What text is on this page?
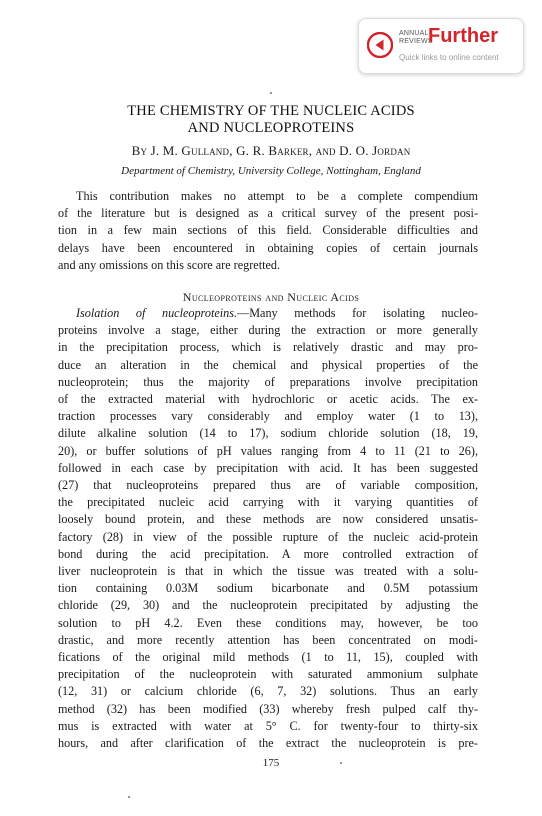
ANNUAL
REVIEWS
Further
Quick links to online content
THE CHEMISTRY OF THE NUCLEIC ACIDS
AND NUCLEOPROTEINS
By J. M. Gulland, G. R. Barker, and D. O. Jordan
Department of Chemistry, University College, Nottingham, England
This contribution makes no attempt to be a complete compendium
of the literature but is designed as a critical survey of the present posi-
tion in a few main sections of this field. Considerable difficulties and
delays have been encountered in obtaining copies of certain journals
and any omissions on this score are regretted.
Nucleoproteins and Nucleic Acids
Isolation of nucleoproteins.—Many methods for isolating nucleo-
proteins involve a stage, either during the extraction or more generally
in the precipitation process, which is relatively drastic and may pro-
duce an alteration in the chemical and physical properties of the
nucleoprotein; thus the majority of preparations involve precipitation
of the extracted material with hydrochloric or acetic acids. The ex-
traction processes vary considerably and employ water (1 to 13),
dilute alkaline solution (14 to 17), sodium chloride solution (18, 19,
20), or buffer solutions of pH values ranging from 4 to 11 (21 to 26),
followed in each case by precipitation with acid. It has been suggested
(27) that nucleoproteins prepared thus are of variable composition,
the precipitated nucleic acid carrying with it varying quantities of
loosely bound protein, and these methods are now considered unsatis-
factory (28) in view of the possible rupture of the nucleic acid-protein
bond during the acid precipitation. A more controlled extraction of
liver nucleoprotein is that in which the tissue was treated with a solu-
tion containing 0.03M sodium bicarbonate and 0.5M potassium
chloride (29, 30) and the nucleoprotein precipitated by adjusting the
solution to pH 4.2. Even these conditions may, however, be too
drastic, and more recently attention has been concentrated on modi-
fications of the original mild methods (1 to 11, 15), coupled with
precipitation of the nucleoprotein with saturated ammonium sulphate
(12, 31) or calcium chloride (6, 7, 32) solutions. Thus an early
method (32) has been modified (33) whereby fresh pulped calf thy-
mus is extracted with water at 5° C. for twenty-four to thirty-six
hours, and after clarification of the extract the nucleoprotein is pre-
175
